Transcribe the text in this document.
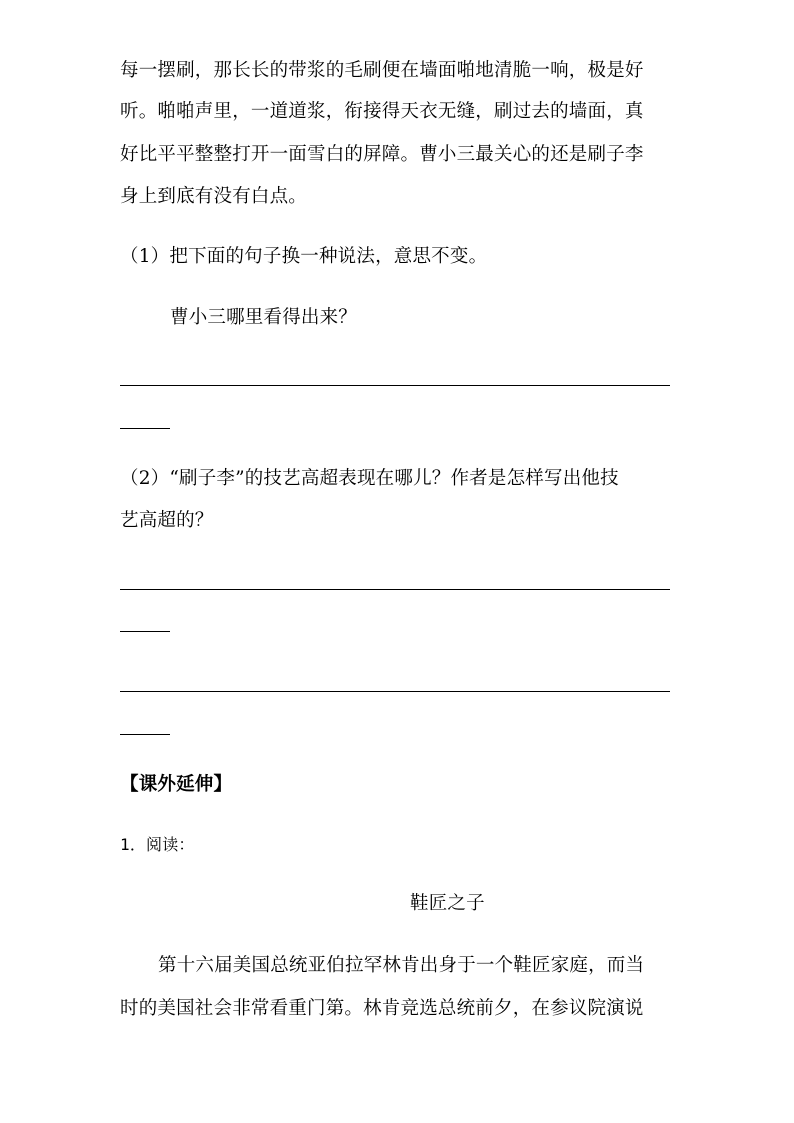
每一摆刷，那长长的带浆的毛刷便在墙面啪地清脆一响，极是好
听。啪啪声里，一道道浆，衔接得天衣无缝，刷过去的墙面，真
好比平平整整打开一面雪白的屏障。曹小三最关心的还是刷子李
身上到底有没有白点。
（1）把下面的句子换一种说法，意思不变。
曹小三哪里看得出来？
（2）“刷子李”的技艺高超表现在哪儿？作者是怎样写出他技
艺高超的？
【课外延伸】
1．阅读：
鞋匠之子
第十六届美国总统亚伯拉罕林肯出身于一个鞋匠家庭，而当
时的美国社会非常看重门第。林肯竞选总统前夕，在参议院演说
